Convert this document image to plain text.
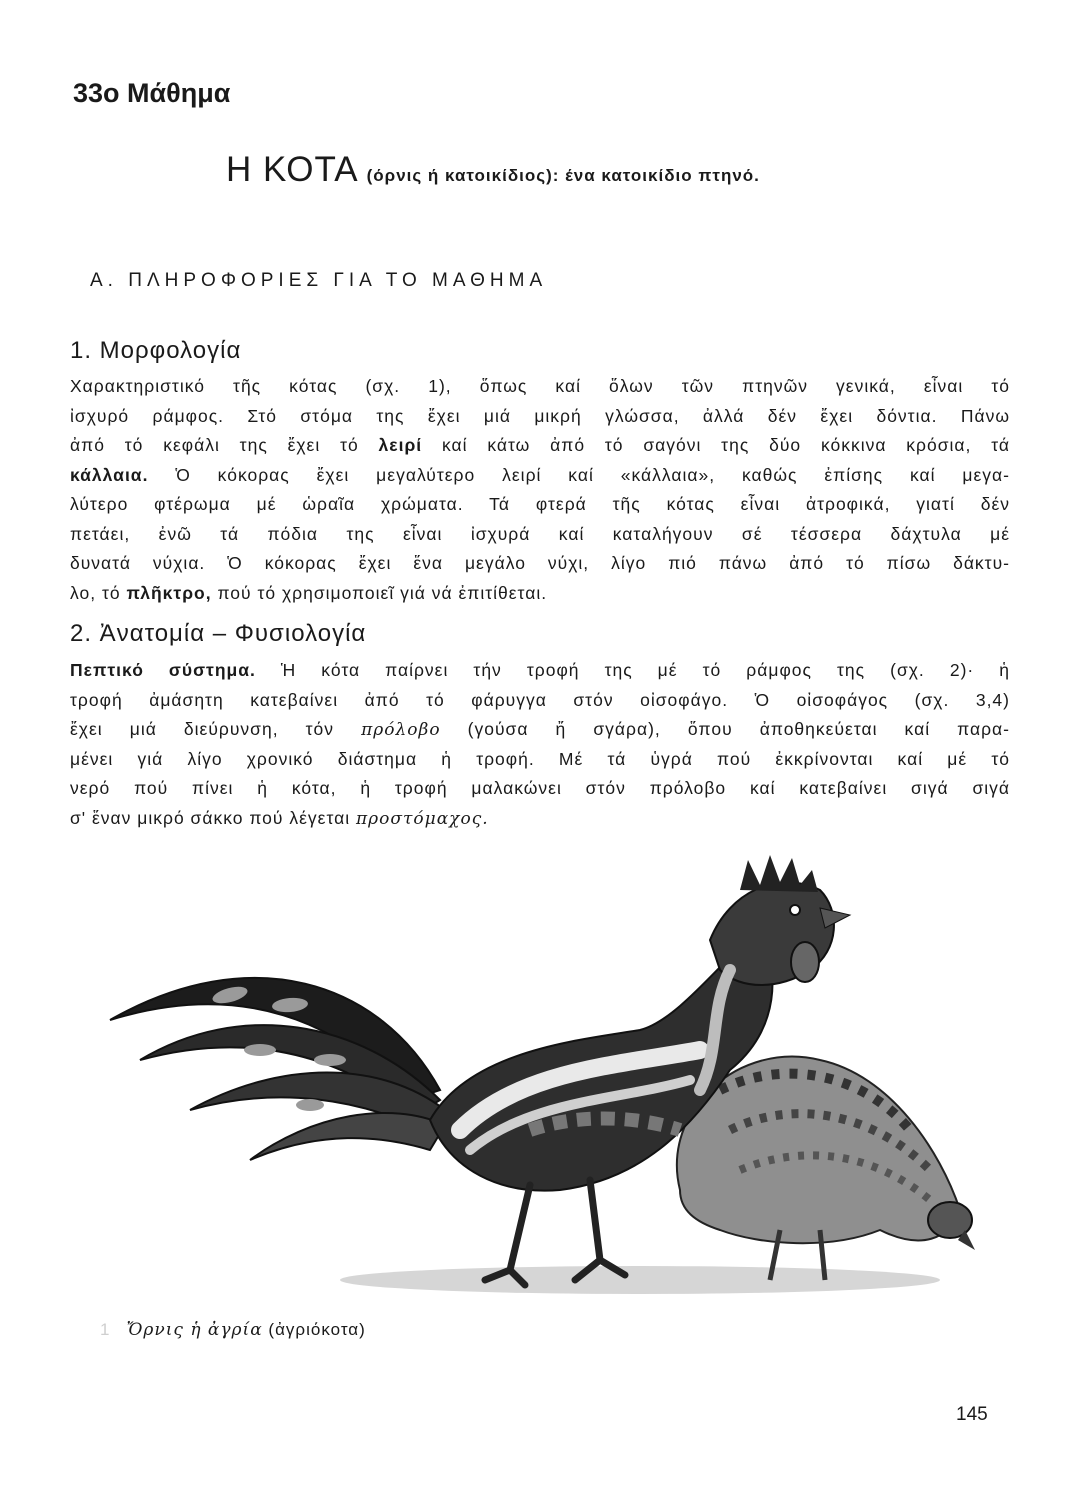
33ο Μάθημα
Η ΚΟΤΑ (όρνις ή κατοικίδιος): ένα κατοικίδιο πτηνό.
Α. ΠΛΗΡΟΦΟΡΙΕΣ ΓΙΑ ΤΟ ΜΑΘΗΜΑ
1. Μορφολογία
Χαρακτηριστικό τῆς κότας (σχ. 1), ὅπως καί ὅλων τῶν πτηνῶν γενικά, εἶναι τό
ἰσχυρό ράμφος. Στό στόμα της ἔχει μιά μικρή γλώσσα, ἀλλά δέν ἔχει δόντια. Πάνω
ἀπό τό κεφάλι της ἔχει τό λειρί καί κάτω ἀπό τό σαγόνι της δύο κόκκινα κρόσια, τά
κάλλαια. Ὁ κόκορας ἔχει μεγαλύτερο λειρί καί «κάλλαια», καθώς ἐπίσης καί μεγα-
λύτερο φτέρωμα μέ ὡραῖα χρώματα. Τά φτερά τῆς κότας εἶναι ἀτροφικά, γιατί δέν
πετάει, ἐνῶ τά πόδια της εἶναι ἰσχυρά καί καταλήγουν σέ τέσσερα δάχτυλα μέ
δυνατά νύχια. Ὁ κόκορας ἔχει ἕνα μεγάλο νύχι, λίγο πιό πάνω ἀπό τό πίσω δάκτυ-
λο, τό πλῆκτρο, πού τό χρησιμοποιεῖ γιά νά ἐπιτίθεται.
2. Ἀνατομία – Φυσιολογία
Πεπτικό σύστημα. Ἡ κότα παίρνει τήν τροφή της μέ τό ράμφος της (σχ. 2)· ἡ
τροφή ἀμάσητη κατεβαίνει ἀπό τό φάρυγγα στόν οἰσοφάγο. Ὁ οἰσοφάγος (σχ. 3,4)
ἔχει μιά διεύρυνση, τόν πρόλοβο (γούσα ἤ σγάρα), ὅπου ἀποθηκεύεται καί παρα-
μένει γιά λίγο χρονικό διάστημα ἡ τροφή. Μέ τά ὑγρά πού ἐκκρίνονται καί μέ τό
νερό πού πίνει ἡ κότα, ἡ τροφή μαλακώνει στόν πρόλοβο καί κατεβαίνει σιγά σιγά
σ' ἕναν μικρό σάκκο πού λέγεται προστόμαχος.
1 Ὄρνις ἡ ἀγρία (ἀγριόκοτα)
145
